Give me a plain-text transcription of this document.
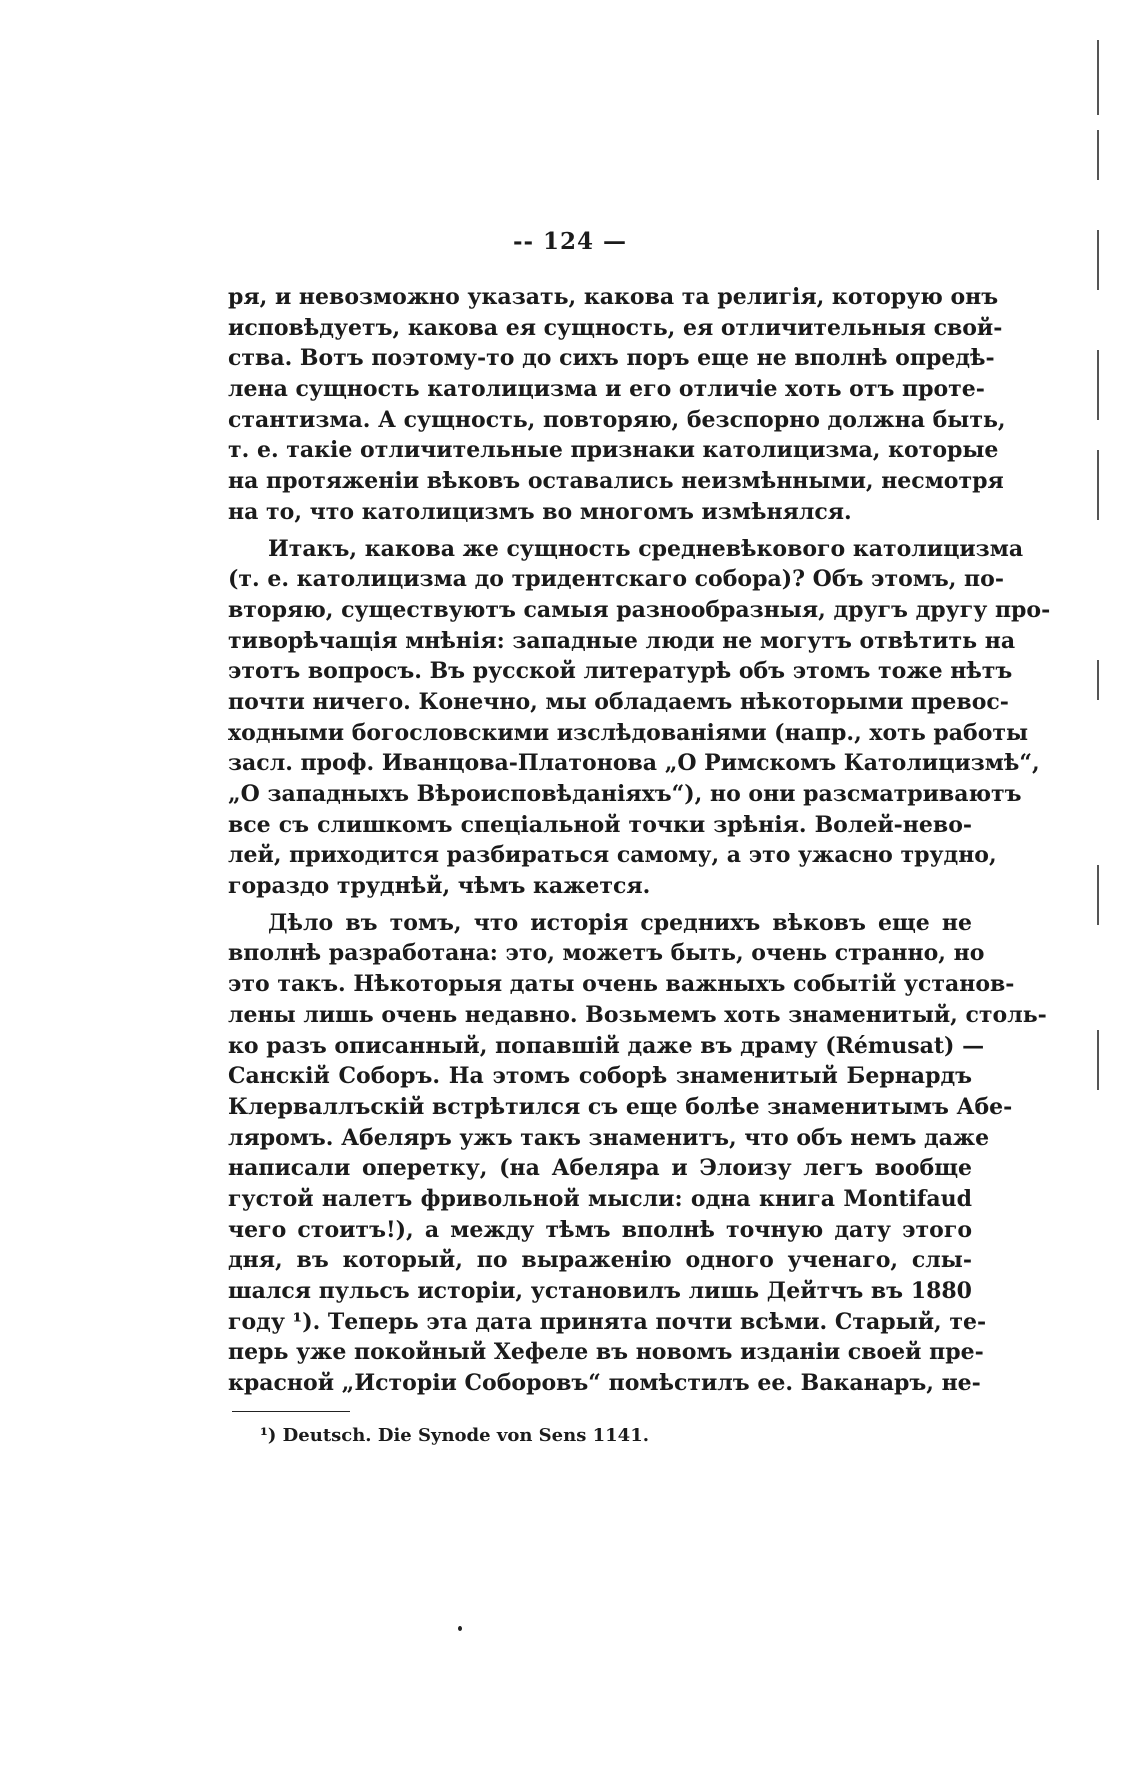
-- 124 —
ря, и невозможно указать, какова та религія, которую онъ
исповѣдуетъ, какова ея сущность, ея отличительныя свой-
ства. Вотъ поэтому-то до сихъ поръ еще не вполнѣ опредѣ-
лена сущность католицизма и его отличіе хоть отъ проте-
стантизма. А сущность, повторяю, безспорно должна быть,
т. е. такіе отличительные признаки католицизма, которые
на протяженіи вѣковъ оставались неизмѣнными, несмотря
на то, что католицизмъ во многомъ измѣнялся.
Итакъ, какова же сущность средневѣкового католицизма
(т. е. католицизма до тридентскаго собора)? Объ этомъ, по-
вторяю, существуютъ самыя разнообразныя, другъ другу про-
тиворѣчащія мнѣнія: западные люди не могутъ отвѣтить на
этотъ вопросъ. Въ русской литературѣ объ этомъ тоже нѣтъ
почти ничего. Конечно, мы обладаемъ нѣкоторыми превос-
ходными богословскими изслѣдованіями (напр., хоть работы
засл. проф. Иванцова-Платонова „О Римскомъ Католицизмѣ“,
„О западныхъ Вѣроисповѣданіяхъ“), но они разсматриваютъ
все съ слишкомъ спеціальной точки зрѣнія. Волей-нево-
лей, приходится разбираться самому, а это ужасно трудно,
гораздо труднѣй, чѣмъ кажется.
Дѣло въ томъ, что исторія среднихъ вѣковъ еще не
вполнѣ разработана: это, можетъ быть, очень странно, но
это такъ. Нѣкоторыя даты очень важныхъ событій установ-
лены лишь очень недавно. Возьмемъ хоть знаменитый, столь-
ко разъ описанный, попавшій даже въ драму (Rémusat) —
Санскій Соборъ. На этомъ соборѣ знаменитый Бернардъ
Клерваллъскій встрѣтился съ еще болѣе знаменитымъ Абе-
ляромъ. Абеляръ ужъ такъ знаменитъ, что объ немъ даже
написали оперетку, (на Абеляра и Элоизу легъ вообще
густой налетъ фривольной мысли: одна книга Montifaud
чего стоитъ!), а между тѣмъ вполнѣ точную дату этого
дня, въ который, по выраженію одного ученаго, слы-
шался пульсъ исторіи, установилъ лишь Дейтчъ въ 1880
году ¹). Теперь эта дата принята почти всѣми. Старый, те-
перь уже покойный Хефеле въ новомъ изданіи своей пре-
красной „Исторіи Соборовъ“ помѣстилъ ее. Ваканаръ, не-
¹) Deutsch. Die Synode von Sens 1141.
